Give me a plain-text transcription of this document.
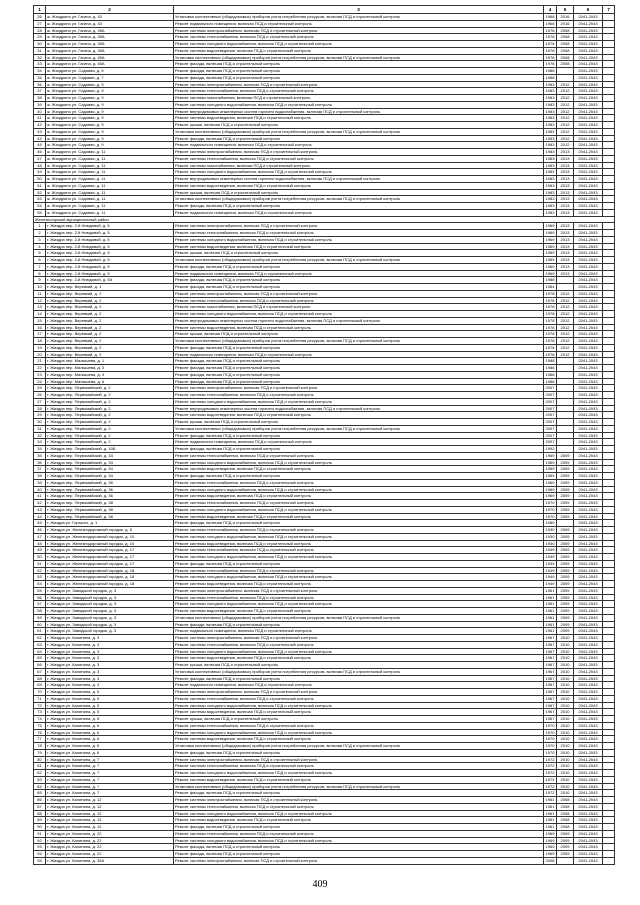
1	2	3	4	5	6	7
26	ж. Жиздрино ул. Гагина, д. 43	Установка коллективных (общедомовых) приборов учета потребления ресурсов, включая ПСД и строительный контроль	1968	2016	2041-2043	
27	ж. Жиздрино ул. Гагина, д. 43	Ремонт подвального помещения, включая ПСД и строительный контроль	1968	2016	2041-2043	
28	ж. Жиздрино ул. Гагина, д. 45А	Ремонт системы электроснабжения, включая ПСД и строительный контроль	1978	2008	2041-2043	
29	ж. Жиздрино ул. Гагина, д. 45А	Ремонт системы теплоснабжения, включая ПСД и строительный контроль	1978	2008	2041-2043	
30	ж. Жиздрино ул. Гагина, д. 45А	Ремонт системы холодного водоснабжения, включая ПСД и строительный контроль	1978	2008	2041-2043	
31	ж. Жиздрино ул. Гагина, д. 45А	Ремонт системы водоотведения, включая ПСД и строительный контроль	1978	2008	2041-2043	
32	ж. Жиздрино ул. Гагина, д. 45А	Установка коллективных (общедомовых) приборов учета потребления ресурсов, включая ПСД и строительный контроль	1978	2008	2041-2043	
33	ж. Жиздрино ул. Гагина, д. 45А	Ремонт фасада, включая ПСД и строительный контроль	1978	2008	2041-2043	
34	ж. Жиздрино ул. Садовая, д. 5	Ремонт фасада, включая ПСД и строительный контроль	1988		2041-2043	
35	ж. Жиздрино ул. Садовая, д. 7	Ремонт фасада, включая ПСД и строительный контроль	1988		2041-2043	
36	ж. Жиздрино ул. Садовая, д. 9	Ремонт системы электроснабжения, включая ПСД и строительный контроль	1983	2012	2041-2043	
37	ж. Жиздрино ул. Садовая, д. 9	Ремонт системы теплоснабжения, включая ПСД и строительный контроль	1983	2012	2041-2043	
38	ж. Жиздрино ул. Садовая, д. 9	Ремонт системы газоснабжения, включая ПСД и строительный контроль	1983	2012	2041-2043	
39	ж. Жиздрино ул. Садовая, д. 9	Ремонт системы холодного водоснабжения, включая ПСД и строительный контроль	1983	2012	2041-2043	
40	ж. Жиздрино ул. Садовая, д. 9	Ремонт внутридомовых инженерных систем горячего водоснабжения, включая ПСД и строительный контроль	1983	2012	2041-2043	
41	ж. Жиздрино ул. Садовая, д. 9	Ремонт системы водоотведения, включая ПСД и строительный контроль	1983	2012	2041-2043	
42	ж. Жиздрино ул. Садовая, д. 9	Ремонт крыши, включая ПСД и строительный контроль	1983	2012	2041-2043	
43	ж. Жиздрино ул. Садовая, д. 9	Установка коллективных (общедомовых) приборов учета потребления ресурсов, включая ПСД и строительный контроль	1983	2012	2041-2043	
44	ж. Жиздрино ул. Садовая, д. 9	Ремонт фасада, включая ПСД и строительный контроль	1983	2012	2041-2043	
45	ж. Жиздрино ул. Садовая, д. 9	Ремонт подвального помещения, включая ПСД и строительный контроль	1983	2012	2041-2043	
46	ж. Жиздрино ул. Садовая, д. 11	Ремонт системы электроснабжения, включая ПСД и строительный контроль	1983	2013	2041-2043	
47	ж. Жиздрино ул. Садовая, д. 11	Ремонт системы теплоснабжения, включая ПСД и строительный контроль	1983	2013	2041-2043	
48	ж. Жиздрино ул. Садовая, д. 11	Ремонт системы газоснабжения, включая ПСД и строительный контроль	1983	2013	2041-2043	
49	ж. Жиздрино ул. Садовая, д. 11	Ремонт системы холодного водоснабжения, включая ПСД и строительный контроль	1983	2013	2041-2043	
50	ж. Жиздрино ул. Садовая, д. 11	Ремонт внутридомовых инженерных систем горячего водоснабжения, включая ПСД и строительный контроль	1983	2013	2041-2043	
51	ж. Жиздрино ул. Садовая, д. 11	Ремонт системы водоотведения, включая ПСД и строительный контроль	1983	2013	2041-2043	
52	ж. Жиздрино ул. Садовая, д. 11	Ремонт крыши, включая ПСД и строительный контроль	1983	2013	2041-2043	
53	ж. Жиздрино ул. Садовая, д. 11	Установка коллективных (общедомовых) приборов учета потребления ресурсов, включая ПСД и строительный контроль	1983	2013	2041-2043	
54	ж. Жиздрино ул. Садовая, д. 11	Ремонт фасада, включая ПСД и строительный контроль	1983	2013	2041-2043	
55	ж. Жиздрино ул. Садовая, д. 11	Ремонт подвального помещения, включая ПСД и строительный контроль	1983	2013	2041-2043	
Железногорский муниципальный район						
1	г. Жиздра пер. 2-й Ниюдовой, д. 5	Ремонт системы электроснабжения, включая ПСД и строительный контроль	1969	2013	2041-2043	
2	г. Жиздра пер. 2-й Ниюдовой, д. 5	Ремонт системы теплоснабжения, включая ПСД и строительный контроль	1969	2013	2041-2043	
3	г. Жиздра пер. 2-й Ниюдовой, д. 5	Ремонт системы холодного водоснабжения, включая ПСД и строительный контроль	1969	2013	2041-2043	
4	г. Жиздра пер. 2-й Ниюдовой, д. 5	Ремонт системы водоотведения, включая ПСД и строительный контроль	1969	2013	2041-2043	
5	г. Жиздра пер. 2-й Ниюдовой, д. 5	Ремонт крыши, включая ПСД и строительный контроль	1969	2013	2041-2043	
6	г. Жиздра пер. 2-й Ниюдовой, д. 5	Установка коллективных (общедомовых) приборов учета потребления ресурсов, включая ПСД и строительный контроль	1969	2013	2041-2043	
7	г. Жиздра пер. 2-й Ниюдовой, д. 5	Ремонт фасада, включая ПСД и строительный контроль	1969	2013	2041-2043	
8	г. Жиздра пер. 2-й Ниюдовой, д. 5	Ремонт подвального помещения, включая ПСД и строительный контроль	1969	2013	2041-2043	
9	г. Жиздра пер. 2-й Ниюдовой, д. 5А	Ремонт фасада, включая ПСД и строительный контроль	1988		2041-2043	
10	г. Жиздра пер. Веревкий, д. 1	Ремонт фасада, включая ПСД и строительный контроль	1984		2041-2043	
11	г. Жиздра пер. Веревкий, д. 2	Ремонт системы электроснабжения, включая ПСД и строительный контроль	1978	2012	2041-2043	
12	г. Жиздра пер. Веревкий, д. 2	Ремонт системы теплоснабжения, включая ПСД и строительный контроль	1978	2012	2041-2043	
13	г. Жиздра пер. Веревкий, д. 2	Ремонт системы газоснабжения, включая ПСД и строительный контроль	1978	2012	2041-2043	
14	г. Жиздра пер. Веревкий, д. 2	Ремонт системы холодного водоснабжения, включая ПСД и строительный контроль	1978	2012	2041-2043	
15	г. Жиздра пер. Веревкий, д. 2	Ремонт внутридомовых инженерных систем горячего водоснабжения, включая ПСД и строительный контроль	1978	2012	2041-2043	
16	г. Жиздра пер. Веревкий, д. 2	Ремонт системы водоотведения, включая ПСД и строительный контроль	1978	2012	2041-2043	
17	г. Жиздра пер. Веревкий, д. 2	Ремонт крыши, включая ПСД и строительный контроль	1978	2012	2041-2043	
18	г. Жиздра пер. Веревкий, д. 2	Установка коллективных (общедомовых) приборов учета потребления ресурсов, включая ПСД и строительный контроль	1978	2012	2041-2043	
19	г. Жиздра пер. Веревкий, д. 2	Ремонт фасада, включая ПСД и строительный контроль	1978	2012	2041-2043	
20	г. Жиздра пер. Веревкий, д. 2	Ремонт подвального помещения, включая ПСД и строительный контроль	1978	2012	2041-2043	
21	г. Жиздра пер. Малышева, д. 1	Ремонт фасада, включая ПСД и строительный контроль	1988		2041-2043	
22	г. Жиздра пер. Малышева, д. 3	Ремонт фасада, включая ПСД и строительный контроль	1988		2041-2043	
23	г. Жиздра пер. Малышева, д. 4	Ремонт фасада, включая ПСД и строительный контроль	1988		2041-2043	
24	г. Жиздра пер. Малышева, д. 6	Ремонт фасада, включая ПСД и строительный контроль	1986		2041-2043	
25	г. Жиздра пер. Первомайский, д. 2	Ремонт системы электроснабжения, включая ПСД и строительный контроль	2007		2041-2043	
26	г. Жиздра пер. Первомайский, д. 2	Ремонт системы теплоснабжения, включая ПСД и строительный контроль	2007		2041-2043	
27	г. Жиздра пер. Первомайский, д. 2	Ремонт системы холодного водоснабжения, включая ПСД и строительный контроль	2007		2041-2043	
28	г. Жиздра пер. Первомайский, д. 2	Ремонт внутридомовых инженерных систем горячего водоснабжения, включая ПСД и строительный контроль	2007		2041-2043	
29	г. Жиздра пер. Первомайский, д. 2	Ремонт системы водоотведения, включая ПСД и строительный контроль	2007		2041-2043	
30	г. Жиздра пер. Первомайский, д. 2	Ремонт крыши, включая ПСД и строительный контроль	2007		2041-2043	
31	г. Жиздра пер. Первомайский, д. 2	Установка коллективных (общедомовых) приборов учета потребления ресурсов, включая ПСД и строительный контроль	2007		2041-2043	
32	г. Жиздра пер. Первомайский, д. 2	Ремонт фасада, включая ПСД и строительный контроль	2007		2041-2043	
33	г. Жиздра пер. Первомайский, д. 2	Ремонт подвального помещения, включая ПСД и строительный контроль	2007		2041-2043	
34	г. Жиздра пер. Первомайский, д. 10Б	Ремонт фасада, включая ПСД и строительный контроль	1992		2041-2043	
35	г. Жиздра пер. Первомайский, д. 34	Ремонт системы теплоснабжения, включая ПСД и строительный контроль	1969	2009	2041-2043	
36	г. Жиздра пер. Первомайский, д. 34	Ремонт системы холодного водоснабжения, включая ПСД и строительный контроль	1969	2009	2041-2043	
37	г. Жиздра пер. Первомайский, д. 34	Ремонт системы водоотведения, включая ПСД и строительный контроль	1969	2009	2041-2043	
38	г. Жиздра пер. Первомайский, д. 34	Ремонт фасада, включая ПСД и строительный контроль	1969	2009	2041-2043	
39	г. Жиздра пер. Первомайский, д. 36	Ремонт системы теплоснабжения, включая ПСД и строительный контроль	1969	2009	2041-2043	
40	г. Жиздра пер. Первомайский, д. 36	Ремонт системы холодного водоснабжения, включая ПСД и строительный контроль	1969	2009	2041-2043	
41	г. Жиздра пер. Первомайский, д. 36	Ремонт системы водоотведения, включая ПСД и строительный контроль	1969	2009	2041-2043	
42	г. Жиздра пер. Первомайский, д. 38	Ремонт системы теплоснабжения, включая ПСД и строительный контроль	1970	2009	2041-2043	
43	г. Жиздра пер. Первомайский, д. 38	Ремонт системы холодного водоснабжения, включая ПСД и строительный контроль	1970	2009	2041-2043	
44	г. Жиздра пер. Первомайский, д. 38	Ремонт системы водоотведения, включая ПСД и строительный контроль	1970	2009	2041-2043	
45	г. Жиздра ул. Горького, д. 1	Ремонт фасада, включая ПСД и строительный контроль	1989		2041-2043	
46	г. Жиздра ул. Железнодорожный городок, д. 5	Ремонт системы теплоснабжения, включая ПСД и строительный контроль	1930	2009	2041-2043	
47	г. Жиздра ул. Железнодорожный городок, д. 10	Ремонт системы холодного водоснабжения, включая ПСД и строительный контроль	1930	2009	2041-2043	
48	г. Жиздра ул. Железнодорожный городок, д. 10	Ремонт системы водоотведения, включая ПСД и строительный контроль	1930	2009	2041-2043	
49	г. Жиздра ул. Железнодорожный городок, д. 17	Ремонт системы теплоснабжения, включая ПСД и строительный контроль	1949	2009	2041-2043	
50	г. Жиздра ул. Железнодорожный городок, д. 17	Ремонт системы холодного водоснабжения, включая ПСД и строительный контроль	1949	2009	2041-2043	
51	г. Жиздра ул. Железнодорожный городок, д. 17	Ремонт фасада, включая ПСД и строительный контроль	1949	2009	2041-2043	
52	г. Жиздра ул. Железнодорожный городок, д. 18	Ремонт системы теплоснабжения, включая ПСД и строительный контроль	1949	2009	2041-2043	
53	г. Жиздра ул. Железнодорожный городок, д. 18	Ремонт системы холодного водоснабжения, включая ПСД и строительный контроль	1949	2009	2041-2043	
54	г. Жиздра ул. Железнодорожный городок, д. 18	Ремонт системы водоотведения, включая ПСД и строительный контроль	1949	2009	2041-2043	
55	г. Жиздра ул. Заводской городок, д. 3	Ремонт системы электроснабжения, включая ПСД и строительный контроль	1961	2009	2041-2043	
56	г. Жиздра ул. Заводской городок, д. 3	Ремонт системы теплоснабжения, включая ПСД и строительный контроль	1961	2009	2041-2043	
57	г. Жиздра ул. Заводской городок, д. 3	Ремонт системы холодного водоснабжения, включая ПСД и строительный контроль	1961	2009	2041-2043	
58	г. Жиздра ул. Заводской городок, д. 3	Ремонт системы водоотведения, включая ПСД и строительный контроль	1961	2009	2041-2043	
59	г. Жиздра ул. Заводской городок, д. 3	Установка коллективных (общедомовых) приборов учета потребления ресурсов, включая ПСД и строительный контроль	1961	2009	2041-2043	
60	г. Жиздра ул. Заводской городок, д. 3	Ремонт фасада, включая ПСД и строительный контроль	1961	2009	2041-2043	
61	г. Жиздра ул. Заводской городок, д. 3	Ремонт подвального помещения, включая ПСД и строительный контроль	1961	2009	2041-2043	
62	г. Жиздра ул. Калинина, д. 3	Ремонт системы электроснабжения, включая ПСД и строительный контроль	1967	2010	2041-2043	
63	г. Жиздра ул. Калинина, д. 3	Ремонт системы теплоснабжения, включая ПСД и строительный контроль	1967	2010	2041-2043	
64	г. Жиздра ул. Калинина, д. 3	Ремонт системы холодного водоснабжения, включая ПСД и строительный контроль	1967	2010	2041-2043	
65	г. Жиздра ул. Калинина, д. 3	Ремонт системы водоотведения, включая ПСД и строительный контроль	1967	2010	2041-2043	
66	г. Жиздра ул. Калинина, д. 3	Ремонт крыши, включая ПСД и строительный контроль	1967	2010	2041-2043	
67	г. Жиздра ул. Калинина, д. 3	Установка коллективных (общедомовых) приборов учета потребления ресурсов, включая ПСД и строительный контроль	1967	2010	2041-2043	
68	г. Жиздра ул. Калинина, д. 3	Ремонт фасада, включая ПСД и строительный контроль	1967	2010	2041-2043	
69	г. Жиздра ул. Калинина, д. 3	Ремонт подвального помещения, включая ПСД и строительный контроль	1967	2010	2041-2043	
70	г. Жиздра ул. Калинина, д. 5	Ремонт системы электроснабжения, включая ПСД и строительный контроль	1967	2010	2041-2043	
71	г. Жиздра ул. Калинина, д. 5	Ремонт системы теплоснабжения, включая ПСД и строительный контроль	1967	2010	2041-2043	
72	г. Жиздра ул. Калинина, д. 5	Ремонт системы холодного водоснабжения, включая ПСД и строительный контроль	1967	2010	2041-2043	
73	г. Жиздра ул. Калинина, д. 5	Ремонт системы водоотведения, включая ПСД и строительный контроль	1967	2010	2041-2043	
74	г. Жиздра ул. Калинина, д. 5	Ремонт крыши, включая ПСД и строительный контроль	1967	2010	2041-2043	
75	г. Жиздра ул. Калинина, д. 6	Ремонт системы теплоснабжения, включая ПСД и строительный контроль	1970	2010	2041-2043	
76	г. Жиздра ул. Калинина, д. 6	Ремонт системы холодного водоснабжения, включая ПСД и строительный контроль	1970	2010	2041-2043	
77	г. Жиздра ул. Калинина, д. 6	Ремонт системы водоотведения, включая ПСД и строительный контроль	1970	2010	2041-2043	
78	г. Жиздра ул. Калинина, д. 6	Установка коллективных (общедомовых) приборов учета потребления ресурсов, включая ПСД и строительный контроль	1970	2010	2041-2043	
79	г. Жиздра ул. Калинина, д. 6	Ремонт фасада, включая ПСД и строительный контроль	1970	2010	2041-2043	
80	г. Жиздра ул. Калинина, д. 7	Ремонт системы электроснабжения, включая ПСД и строительный контроль	1972	2010	2041-2043	
81	г. Жиздра ул. Калинина, д. 7	Ремонт системы теплоснабжения, включая ПСД и строительный контроль	1972	2010	2041-2043	
82	г. Жиздра ул. Калинина, д. 7	Ремонт системы холодного водоснабжения, включая ПСД и строительный контроль	1972	2010	2041-2043	
83	г. Жиздра ул. Калинина, д. 7	Ремонт системы водоотведения, включая ПСД и строительный контроль	1972	2010	2041-2043	
84	г. Жиздра ул. Калинина, д. 7	Установка коллективных (общедомовых) приборов учета потребления ресурсов, включая ПСД и строительный контроль	1972	2010	2041-2043	
85	г. Жиздра ул. Калинина, д. 7	Ремонт фасада, включая ПСД и строительный контроль	1972	2010	2041-2043	
86	г. Жиздра ул. Калинина, д. 12	Ремонт системы электроснабжения, включая ПСД и строительный контроль	1961	2008	2041-2043	
87	г. Жиздра ул. Калинина, д. 12	Ремонт системы теплоснабжения, включая ПСД и строительный контроль	1961	2008	2041-2043	
88	г. Жиздра ул. Калинина, д. 12	Ремонт системы холодного водоснабжения, включая ПСД и строительный контроль	1961	2008	2041-2043	
89	г. Жиздра ул. Калинина, д. 12	Ремонт системы водоотведения, включая ПСД и строительный контроль	1961	2008	2041-2043	
90	г. Жиздра ул. Калинина, д. 12	Ремонт фасада, включая ПСД и строительный контроль	1961	2008	2041-2043	
91	г. Жиздра ул. Калинина, д. 22	Ремонт системы теплоснабжения, включая ПСД и строительный контроль	1969	2009	2041-2043	
92	г. Жиздра ул. Калинина, д. 22	Ремонт системы холодного водоснабжения, включая ПСД и строительный контроль	1969	2009	2041-2043	
93	г. Жиздра ул. Калинина, д. 22	Ремонт фасада, включая ПСД и строительный контроль	1969	2009	2041-2043	
94	г. Жиздра ул. Калинина, д. 22	Ремонт фасада, включая ПСД и строительный контроль	1969	2009	2041-2043	
95	г. Жиздра ул. Калинина, д. 35А	Ремонт системы электроснабжения, включая ПСД и строительный контроль	2008		2041-2043	
409
